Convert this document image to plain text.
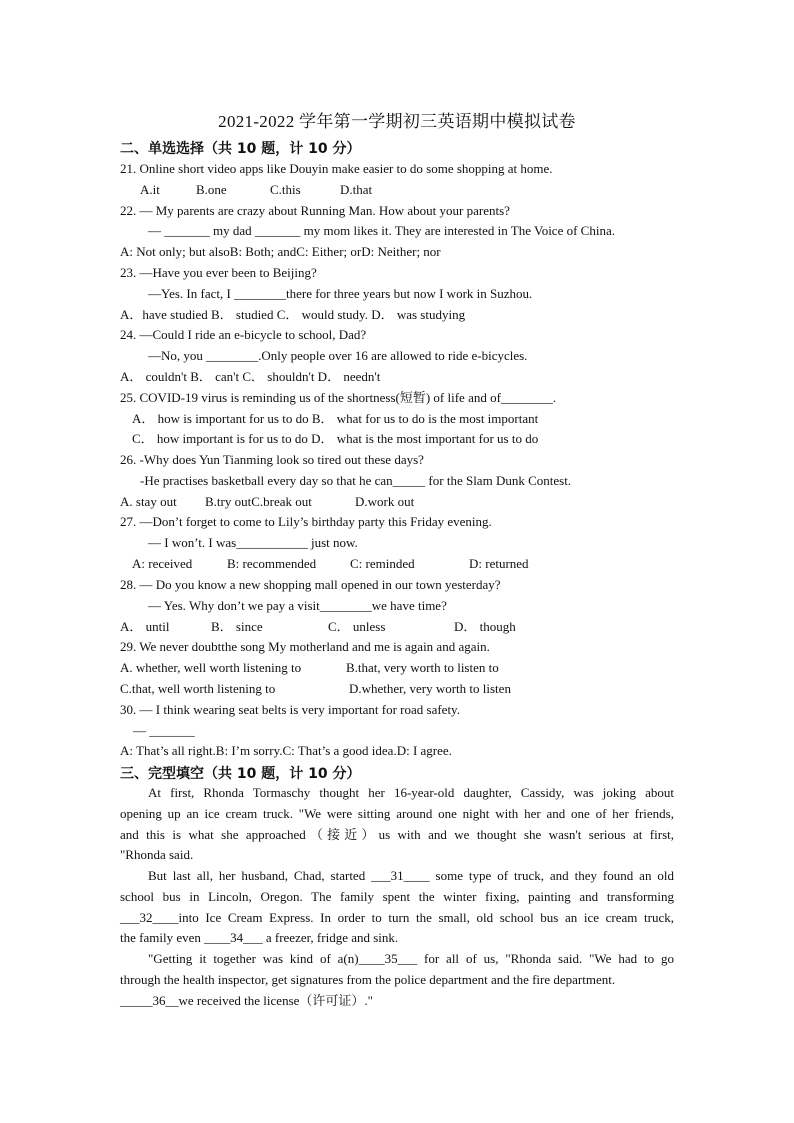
2021-2022 学年第一学期初三英语期中模拟试卷
二、单选选择（共 10 题，计 10 分）
21. Online short video apps like Douyin make easier to do some shopping at home.
A.it	B.one	C.this	D.that
22. — My parents are crazy about Running Man. How about your parents?
— _______ my dad _______ my mom likes it. They are interested in The Voice of China.
A: Not only; but alsoB: Both; andC: Either; orD: Neither; nor
23. —Have you ever been to Beijing?
—Yes. In fact, I ________there for three years but now I work in Suzhou.
A．have studied B． studied C． would study. D． was studying
24. —Could I ride an e-bicycle to school, Dad?
—No, you ________.Only people over 16 are allowed to ride e-bicycles.
A． couldn't B． can't C． shouldn't D． needn't
25. COVID-19 virus is reminding us of the shortness(短暂) of life and of________.
A． how is important for us to do B． what for us to do is the most important
C． how important is for us to do D． what is the most important for us to do
26. -Why does Yun Tianming look so tired out these days?
-He practises basketball every day so that he can_____ for the Slam Dunk Contest.
A. stay out B.try outC.break out	D.work out
27. —Don’t forget to come to Lily’s birthday party this Friday evening.
— I won’t. I was___________ just now.
A: received	B: recommended	C: reminded	D: returned
28. — Do you know a new shopping mall opened in our town yesterday?
— Yes. Why don’t we pay a visit________we have time?
A． until	B． since	C． unless	D． though
29. We never doubtthe song My motherland and me is again and again.
A. whether, well worth listening to	B.that, very worth to listen to
C.that, well worth listening to	D.whether, very worth to listen
30. — I think wearing seat belts is very important for road safety.
— _______
A: That’s all right.B: I’m sorry.C: That’s a good idea.D: I agree.
三、完型填空（共 10 题，计 10 分）
At first, Rhonda Tormaschy thought her 16-year-old daughter, Cassidy, was joking about
opening up an ice cream truck. "We were sitting around one night with her and one of her friends,
and this is what she approached（接近）us with and we thought she wasn't serious at first,
"Rhonda said.
But last all, her husband, Chad, started ___31____ some type of truck, and they found an old
school bus in Lincoln, Oregon. The family spent the winter fixing, painting and transforming
___32____into Ice Cream Express. In order to turn the small, old school bus an ice cream truck,
the family even ____34___ a freezer, fridge and sink.
"Getting it together was kind of a(n)____35___ for all of us, "Rhonda said. "We had to go
through the health inspector, get signatures from the police department and the fire department.
_____36__we received the license（许可证）."
